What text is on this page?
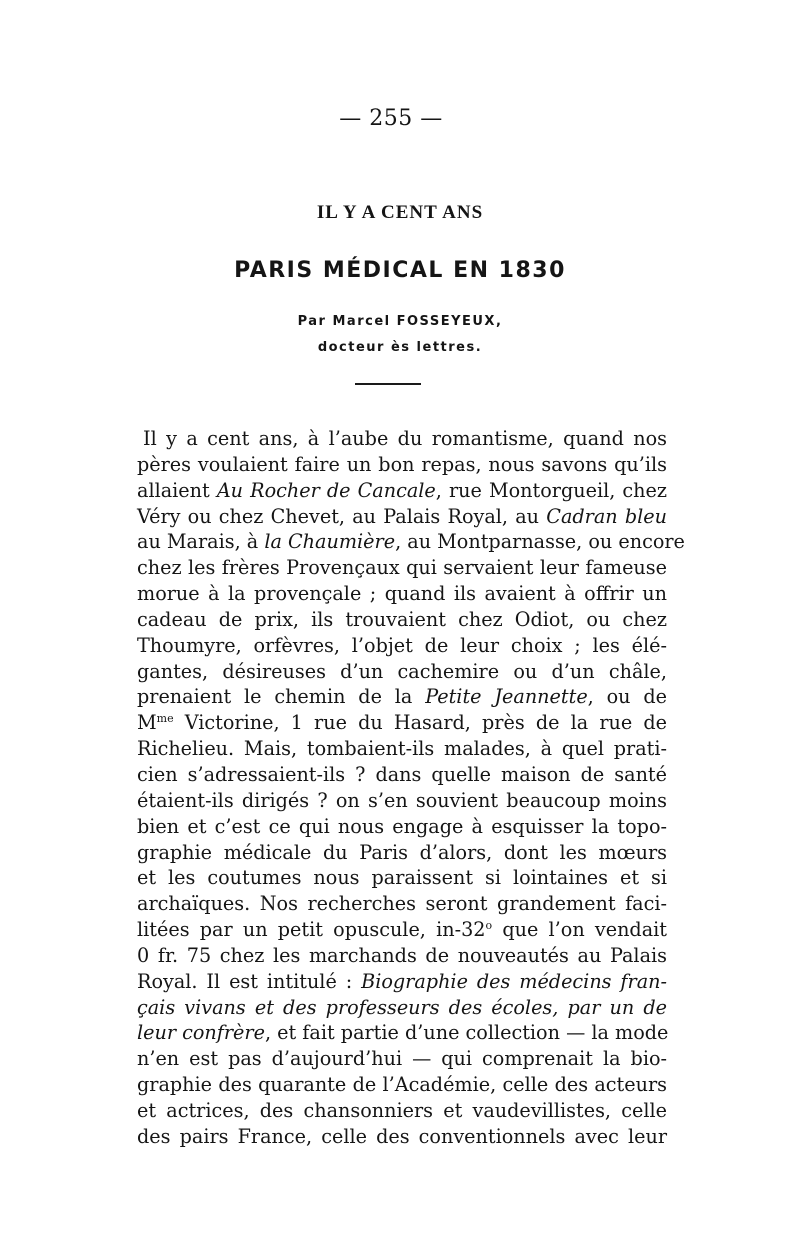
— 255 —
IL Y A CENT ANS
PARIS MÉDICAL EN 1830
Par Marcel FOSSEYEUX,
docteur ès lettres.
Il y a cent ans, à l’aube du romantisme, quand nos
pères voulaient faire un bon repas, nous savons qu’ils
allaient Au Rocher de Cancale, rue Montorgueil, chez
Véry ou chez Chevet, au Palais Royal, au Cadran bleu
au Marais, à la Chaumière, au Montparnasse, ou encore
chez les frères Provençaux qui servaient leur fameuse
morue à la provençale ; quand ils avaient à offrir un
cadeau de prix, ils trouvaient chez Odiot, ou chez
Thoumyre, orfèvres, l’objet de leur choix ; les élé-
gantes, désireuses d’un cachemire ou d’un châle,
prenaient le chemin de la Petite Jeannette, ou de
$M^{me}$ Victorine, 1 rue du Hasard, près de la rue de
Richelieu. Mais, tombaient-ils malades, à quel prati-
cien s’adressaient-ils ? dans quelle maison de santé
étaient-ils dirigés ? on s’en souvient beaucoup moins
bien et c’est ce qui nous engage à esquisser la topo-
graphie médicale du Paris d’alors, dont les mœurs
et les coutumes nous paraissent si lointaines et si
archaïques. Nos recherches seront grandement faci-
litées par un petit opuscule, in-32$^o$ que l’on vendait
0 fr. 75 chez les marchands de nouveautés au Palais
Royal. Il est intitulé : Biographie des médecins fran-
çais vivans et des professeurs des écoles, par un de
leur confrère, et fait partie d’une collection — la mode
n’en est pas d’aujourd’hui — qui comprenait la bio-
graphie des quarante de l’Académie, celle des acteurs
et actrices, des chansonniers et vaudevillistes, celle
des pairs France, celle des conventionnels avec leur
